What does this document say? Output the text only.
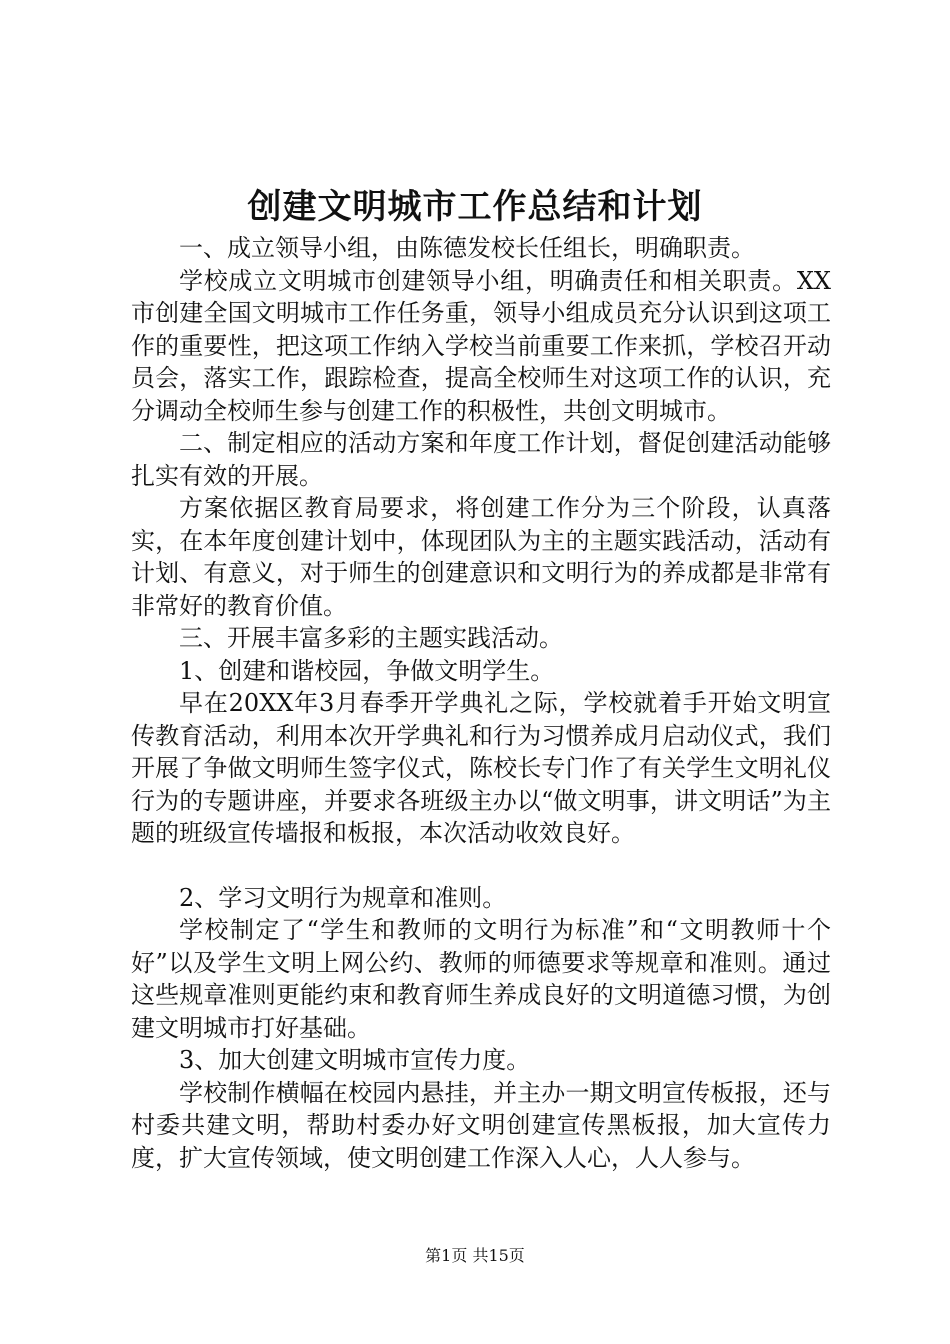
创建文明城市工作总结和计划

一、成立领导小组，由陈德发校长任组长，明确职责。

学校成立文明城市创建领导小组，明确责任和相关职责。XX市创建全国文明城市工作任务重，领导小组成员充分认识到这项工作的重要性，把这项工作纳入学校当前重要工作来抓，学校召开动员会，落实工作，跟踪检查，提高全校师生对这项工作的认识，充分调动全校师生参与创建工作的积极性，共创文明城市。

二、制定相应的活动方案和年度工作计划，督促创建活动能够扎实有效的开展。

方案依据区教育局要求，将创建工作分为三个阶段，认真落实，在本年度创建计划中，体现团队为主的主题实践活动，活动有计划、有意义，对于师生的创建意识和文明行为的养成都是非常有非常好的教育价值。

三、开展丰富多彩的主题实践活动。

1、创建和谐校园，争做文明学生。

早在20XX年3月春季开学典礼之际，学校就着手开始文明宣传教育活动，利用本次开学典礼和行为习惯养成月启动仪式，我们开展了争做文明师生签字仪式，陈校长专门作了有关学生文明礼仪行为的专题讲座，并要求各班级主办以“做文明事，讲文明话”为主题的班级宣传墙报和板报，本次活动收效良好。

2、学习文明行为规章和准则。

学校制定了“学生和教师的文明行为标准”和“文明教师十个好”以及学生文明上网公约、教师的师德要求等规章和准则。通过这些规章准则更能约束和教育师生养成良好的文明道德习惯，为创建文明城市打好基础。

3、加大创建文明城市宣传力度。

学校制作横幅在校园内悬挂，并主办一期文明宣传板报，还与村委共建文明，帮助村委办好文明创建宣传黑板报，加大宣传力度，扩大宣传领域，使文明创建工作深入人心，人人参与。

第1页 共15页
